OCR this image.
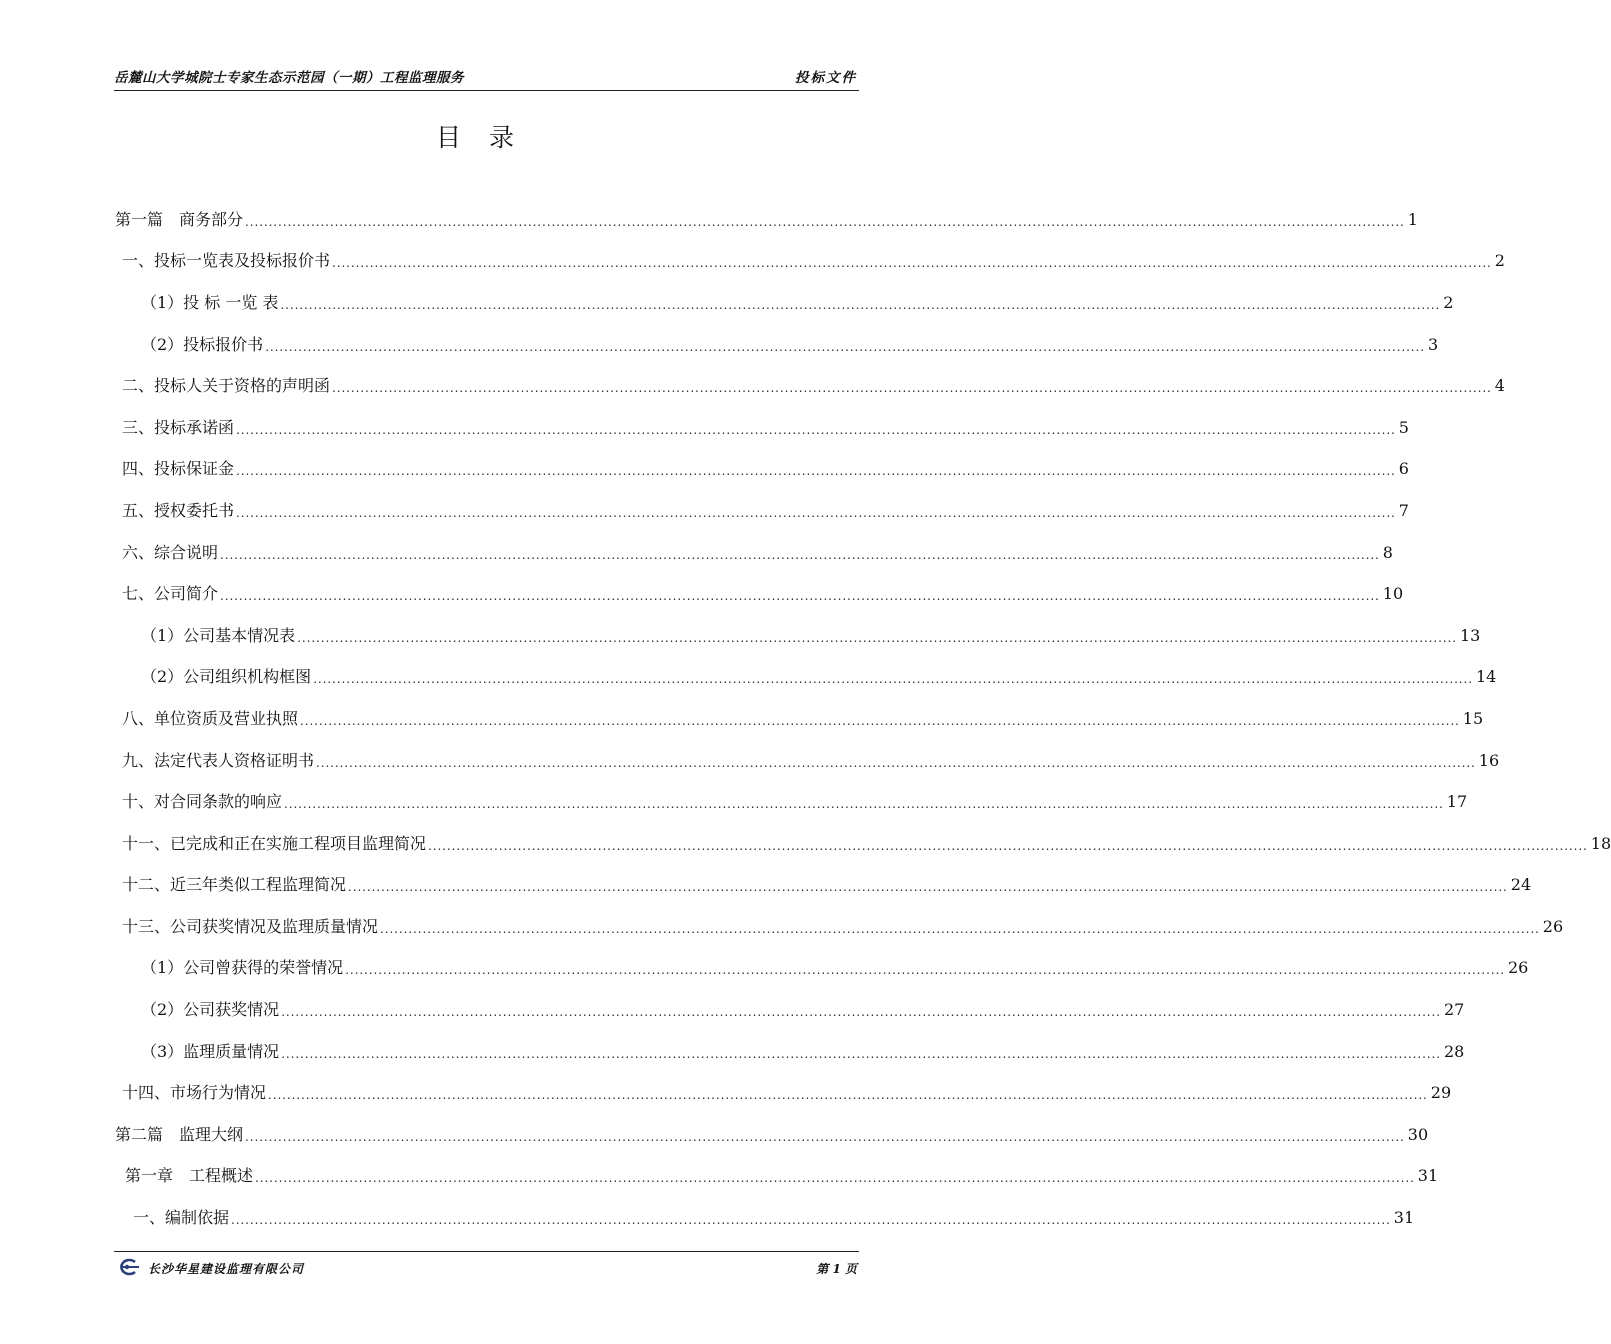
岳麓山大学城院士专家生态示范园（一期）工程监理服务	投标文件
目录
第一篇　商务部分 .....	1
一、投标一览表及投标报价书 .....	2
（1）投 标 一览 表 .....	2
（2）投标报价书 .....	3
二、投标人关于资格的声明函 .....	4
三、投标承诺函 .....	5
四、投标保证金 .....	6
五、授权委托书 .....	7
六、综合说明 .....	8
七、公司简介 .....	10
（1）公司基本情况表 .....	13
（2）公司组织机构框图 .....	14
八、单位资质及营业执照 .....	15
九、法定代表人资格证明书 .....	16
十、对合同条款的响应 .....	17
十一、已完成和正在实施工程项目监理简况 .....	18
十二、近三年类似工程监理简况 .....	24
十三、公司获奖情况及监理质量情况 .....	26
（1）公司曾获得的荣誉情况 .....	26
（2）公司获奖情况 .....	27
（3）监理质量情况 .....	28
十四、市场行为情况 .....	29
第二篇　监理大纲 .....	30
第一章　工程概述 .....	31
一、编制依据 .....	31
长沙华星建设监理有限公司	第 1 页
